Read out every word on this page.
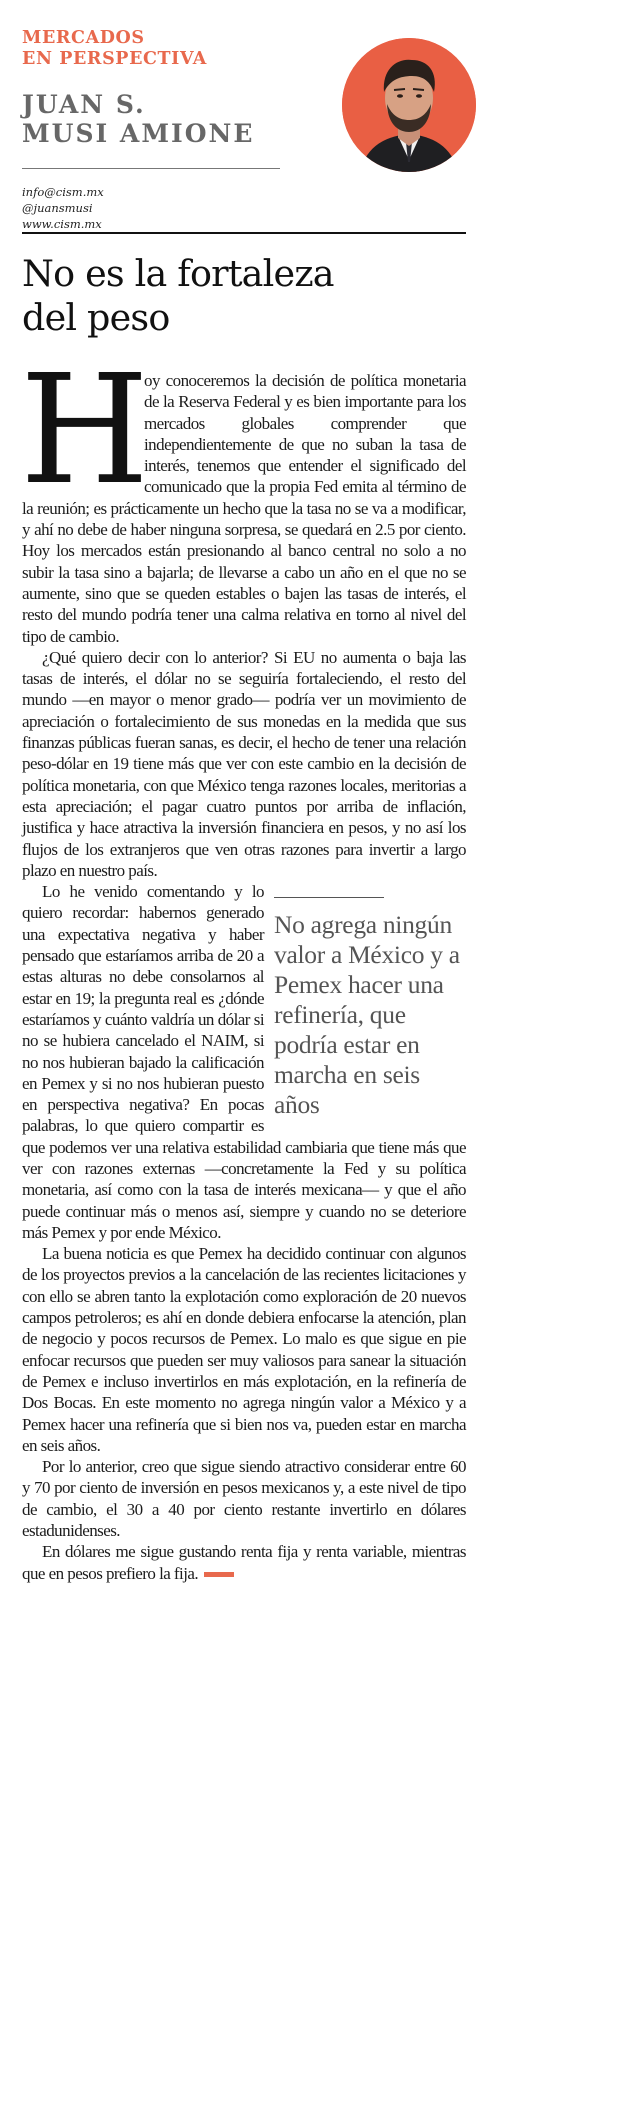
MERCADOS
EN PERSPECTIVA
JUAN S.
MUSI AMIONE
info@cism.mx
@juansmusi
www.cism.mx
No es la fortaleza
del peso

H
oy conoceremos la decisión de política monetaria de la Reserva Federal y es bien importante para los mercados globales comprender que independientemente de que no suban la tasa de interés, tenemos que entender el significado del comunicado que la propia Fed emita al término de la reunión; es prácticamente un hecho que la tasa no se va a modificar, y ahí no debe de haber ninguna sorpresa, se quedará en 2.5 por ciento. Hoy los mercados están presionando al banco central no solo a no subir la tasa sino a bajarla; de llevarse a cabo un año en el que no se aumente, sino que se queden estables o bajen las tasas de interés, el resto del mundo podría tener una calma relativa en torno al nivel del tipo de cambio.

¿Qué quiero decir con lo anterior? Si EU no aumenta o baja las tasas de interés, el dólar no se seguiría fortaleciendo, el resto del mundo —en mayor o menor grado— podría ver un movimiento de apreciación o fortalecimiento de sus monedas en la medida que sus finanzas públicas fueran sanas, es decir, el hecho de tener una relación peso-dólar en 19 tiene más que ver con este cambio en la decisión de política monetaria, con que México tenga razones locales, meritorias a esta apreciación; el pagar cuatro puntos por arriba de inflación, justifica y hace atractiva la inversión financiera en pesos, y no así los flujos de los extranjeros que ven otras razones para invertir a largo plazo en nuestro país.

No agrega ningún valor a México y a Pemex hacer una refinería, que podría estar en marcha en seis años
Lo he venido comentando y lo quiero recordar: habernos generado una expectativa negativa y haber pensado que estaríamos arriba de 20 a estas alturas no debe consolarnos al estar en 19; la pregunta real es ¿dónde estaríamos y cuánto valdría un dólar si no se hubiera cancelado el NAIM, si no nos hubieran bajado la calificación en Pemex y si no nos hubieran puesto en perspectiva negativa? En pocas palabras, lo que quiero compartir es que podemos ver una relativa estabilidad cambiaria que tiene más que ver con razones externas —concretamente la Fed y su política monetaria, así como con la tasa de interés mexicana— y que el año puede continuar más o menos así, siempre y cuando no se deteriore más Pemex y por ende México.

La buena noticia es que Pemex ha decidido continuar con algunos de los proyectos previos a la cancelación de las recientes licitaciones y con ello se abren tanto la explotación como exploración de 20 nuevos campos petroleros; es ahí en donde debiera enfocarse la atención, plan de negocio y pocos recursos de Pemex. Lo malo es que sigue en pie enfocar recursos que pueden ser muy valiosos para sanear la situación de Pemex e incluso invertirlos en más explotación, en la refinería de Dos Bocas. En este momento no agrega ningún valor a México y a Pemex hacer una refinería que si bien nos va, pueden estar en marcha en seis años.

Por lo anterior, creo que sigue siendo atractivo considerar entre 60 y 70 por ciento de inversión en pesos mexicanos y, a este nivel de tipo de cambio, el 30 a 40 por ciento restante invertirlo en dólares estadunidenses.

En dólares me sigue gustando renta fija y renta variable, mientras que en pesos prefiero la fija.
